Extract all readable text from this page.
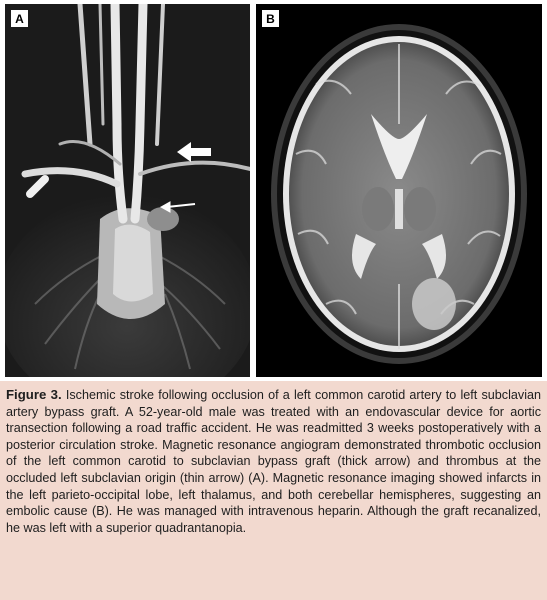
A	B
Figure 3. Ischemic stroke following occlusion of a left common carotid artery to left subclavian artery bypass graft. A 52-year-old male was treated with an endovascular device for aortic transection following a road traffic accident. He was readmitted 3 weeks postoperatively with a posterior circulation stroke. Magnetic resonance angiogram demonstrated thrombotic occlusion of the left common carotid to subclavian bypass graft (thick arrow) and thrombus at the occluded left subclavian origin (thin arrow) (A). Magnetic resonance imaging showed infarcts in the left parieto-occipital lobe, left thalamus, and both cerebellar hemispheres, suggesting an embolic cause (B). He was managed with intravenous heparin. Although the graft recanalized, he was left with a superior quadrantanopia.
